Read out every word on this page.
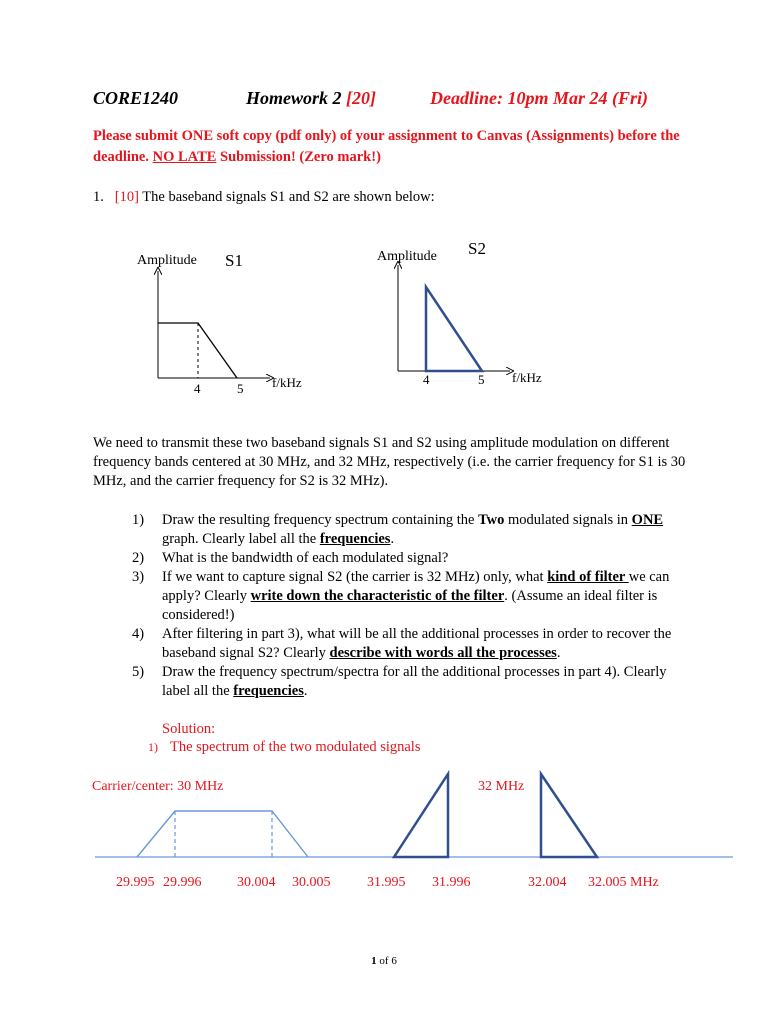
CORE1240	Homework 2 [20]	Deadline: 10pm Mar 24 (Fri)
Please submit ONE soft copy (pdf only) of your assignment to Canvas (Assignments) before the deadline. NO LATE Submission! (Zero mark!)
1. [10] The baseband signals S1 and S2 are shown below:
Amplitude S1
4	5 f/kHz
Amplitude S2
4	5 f/kHz
We need to transmit these two baseband signals S1 and S2 using amplitude modulation on different frequency bands centered at 30 MHz, and 32 MHz, respectively (i.e. the carrier frequency for S1 is 30 MHz, and the carrier frequency for S2 is 32 MHz).
1) Draw the resulting frequency spectrum containing the Two modulated signals in ONE graph. Clearly label all the frequencies.
2) What is the bandwidth of each modulated signal?
3) If we want to capture signal S2 (the carrier is 32 MHz) only, what kind of filter we can apply? Clearly write down the characteristic of the filter. (Assume an ideal filter is considered!)
4) After filtering in part 3), what will be all the additional processes in order to recover the baseband signal S2? Clearly describe with words all the processes.
5) Draw the frequency spectrum/spectra for all the additional processes in part 4). Clearly label all the frequencies.
Solution:
1) The spectrum of the two modulated signals
Carrier/center: 30 MHz	32 MHz
29.995 29.996	30.004 30.005	31.995 31.996	32.004 32.005 MHz
1 of 6
